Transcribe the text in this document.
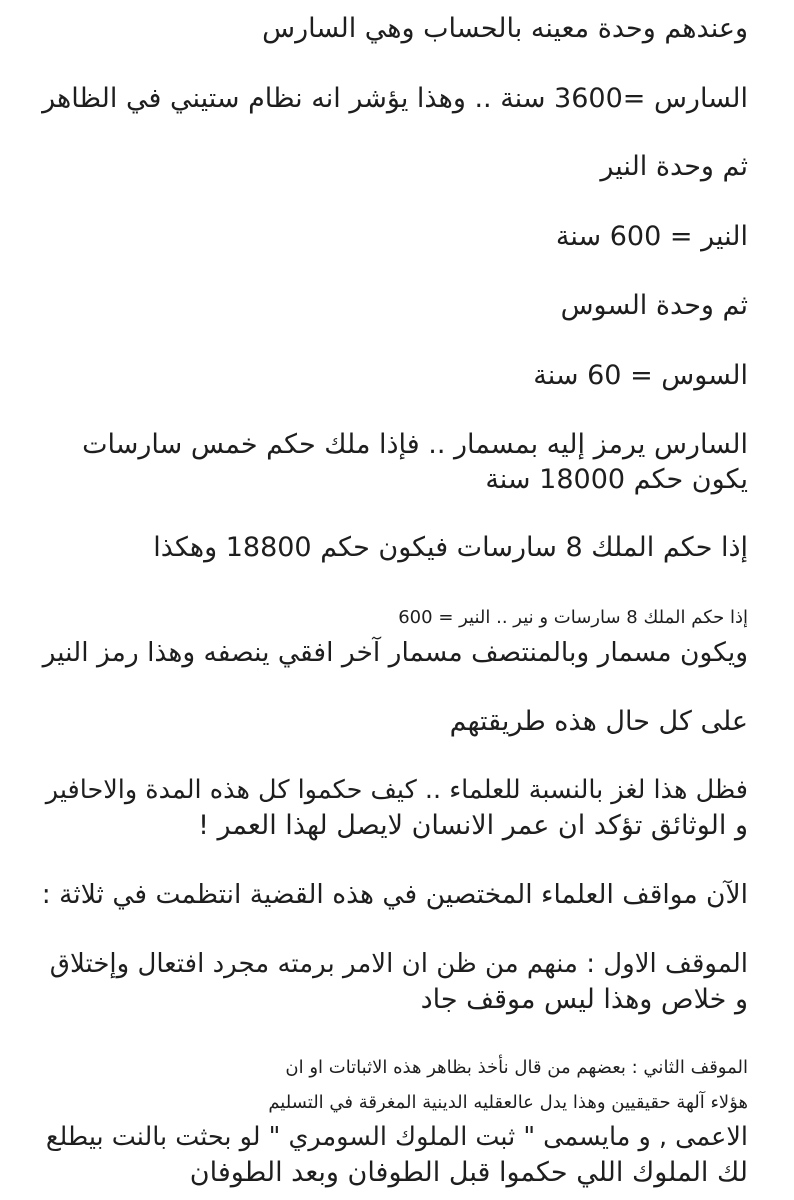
وعندهم وحدة معينه بالحساب وهي السارس

السارس =3600 سنة .. وهذا يؤشر انه نظام ستيني في الظاهر

ثم وحدة النير

النير = 600 سنة

ثم وحدة السوس

السوس = 60 سنة

السارس يرمز إليه بمسمار .. فإذا ملك حكم خمس سارسات
يكون حكم 18000 سنة

إذا حكم الملك 8 سارسات فيكون حكم 18800 وهكذا

إذا حكم الملك 8 سارسات و نير .. النير = 600
ويكون مسمار وبالمنتصف مسمار آخر افقي ينصفه وهذا رمز النير

على كل حال هذه طريقتهم

فظل هذا لغز بالنسبة للعلماء .. كيف حكموا كل هذه المدة والاحافير
و الوثائق تؤكد ان عمر الانسان لايصل لهذا العمر !

الآن مواقف العلماء المختصين في هذه القضية انتظمت في ثلاثة :

الموقف الاول : منهم من ظن ان الامر برمته مجرد افتعال وإختلاق
و خلاص وهذا ليس موقف جاد

الموقف الثاني : بعضهم من قال نأخذ بظاهر هذه الاثباتات او ان
هؤلاء آلهة حقيقيين وهذا يدل عالعقليه الدينية المغرقة في التسليم
الاعمى , و مايسمى " ثبت الملوك السومري " لو بحثت بالنت بيطلع
لك الملوك اللي حكموا قبل الطوفان وبعد الطوفان
